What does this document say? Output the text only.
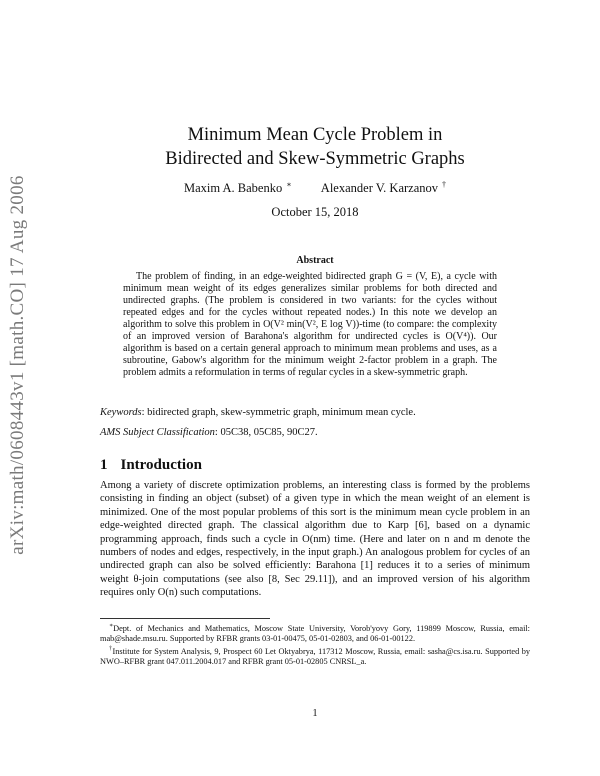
arXiv:math/0608443v1 [math.CO] 17 Aug 2006
Minimum Mean Cycle Problem in
Bidirected and Skew-Symmetric Graphs
Maxim A. Babenko ∗ Alexander V. Karzanov †
October 15, 2018
Abstract

The problem of finding, in an edge-weighted bidirected graph G = (V, E), a cycle with minimum mean weight of its edges generalizes similar problems for both directed and undirected graphs. (The problem is considered in two variants: for the cycles without repeated edges and for the cycles without repeated nodes.) In this note we develop an algorithm to solve this problem in O(V² min(V², E log V))-time (to compare: the complexity of an improved version of Barahona's algorithm for undirected cycles is O(V⁴)). Our algorithm is based on a certain general approach to minimum mean problems and uses, as a subroutine, Gabow's algorithm for the minimum weight 2-factor problem in a graph. The problem admits a reformulation in terms of regular cycles in a skew-symmetric graph.

Keywords: bidirected graph, skew-symmetric graph, minimum mean cycle.
AMS Subject Classification: 05C38, 05C85, 90C27.
1 Introduction

Among a variety of discrete optimization problems, an interesting class is formed by the problems consisting in finding an object (subset) of a given type in which the mean weight of an element is minimized. One of the most popular problems of this sort is the minimum mean cycle problem in an edge-weighted directed graph. The classical algorithm due to Karp [6], based on a dynamic programming approach, finds such a cycle in O(nm) time. (Here and later on n and m denote the numbers of nodes and edges, respectively, in the input graph.) An analogous problem for cycles of an undirected graph can also be solved efficiently: Barahona [1] reduces it to a series of minimum weight θ-join computations (see also [8, Sec 29.11]), and an improved version of his algorithm requires only O(n) such computations.

∗Dept. of Mechanics and Mathematics, Moscow State University, Vorob'yovy Gory, 119899 Moscow, Russia, email: mab@shade.msu.ru. Supported by RFBR grants 03-01-00475, 05-01-02803, and 06-01-00122.

†Institute for System Analysis, 9, Prospect 60 Let Oktyabrya, 117312 Moscow, Russia, email: sasha@cs.isa.ru. Supported by NWO–RFBR grant 047.011.2004.017 and RFBR grant 05-01-02805 CNRSL_a.

1
